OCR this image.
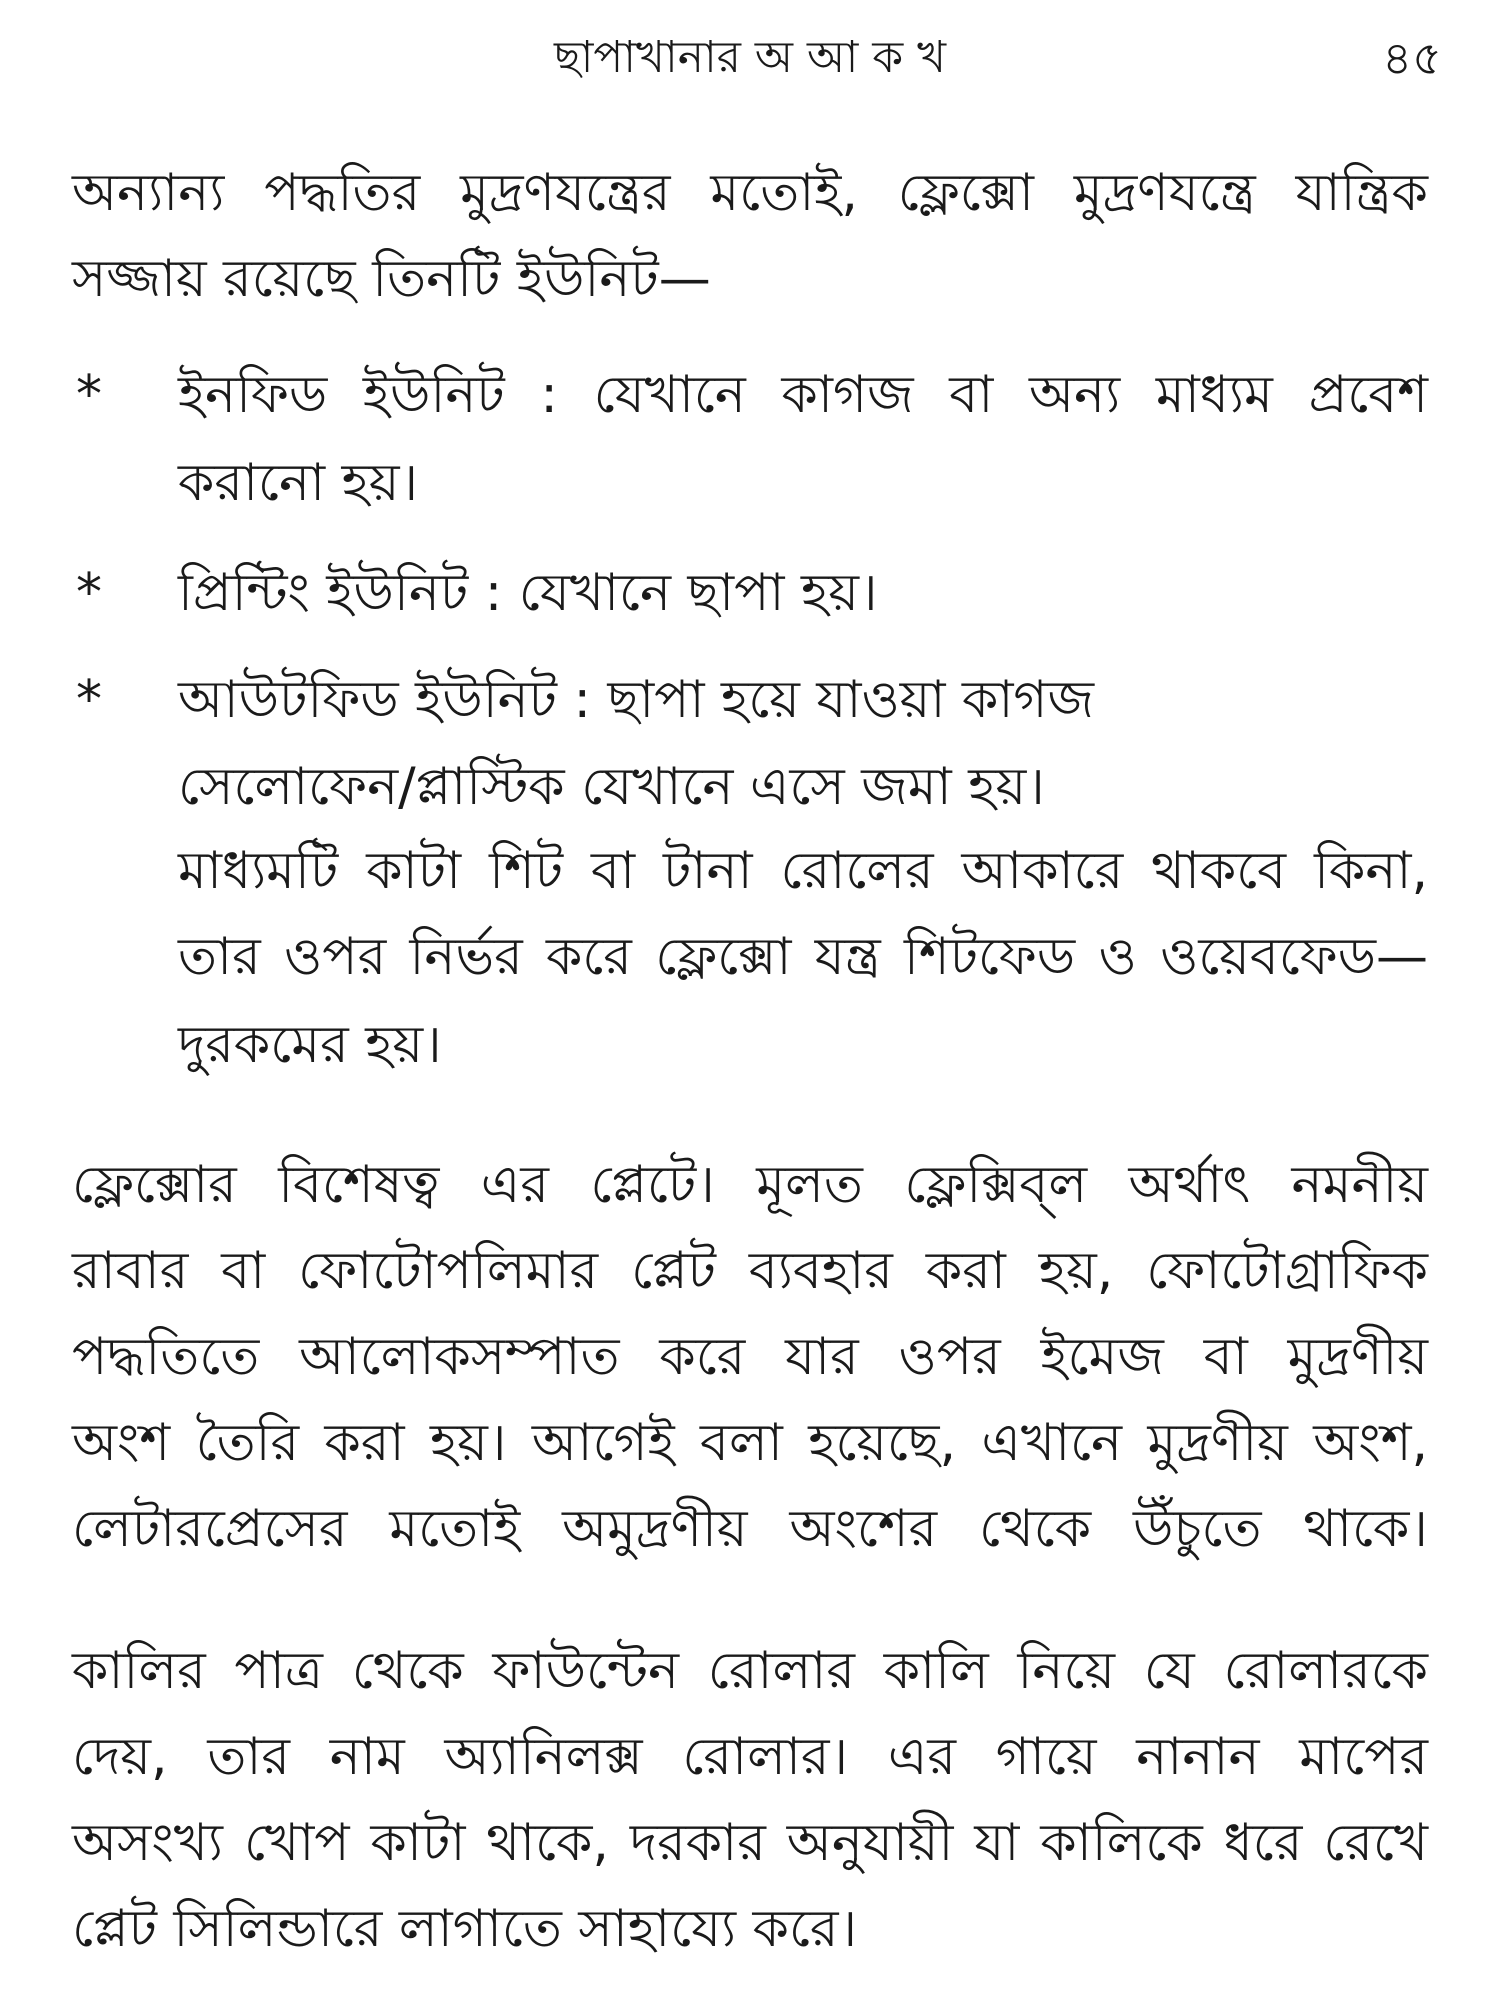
ছাপাখানার অ আ ক খ	৪৫
অন্যান্য পদ্ধতির মুদ্রণযন্ত্রের মতোই, ফ্লেক্সো মুদ্রণযন্ত্রে যান্ত্রিক
সজ্জায় রয়েছে তিনটি ইউনিট—
* ইনফিড ইউনিট : যেখানে কাগজ বা অন্য মাধ্যম প্রবেশ
করানো হয়।
* প্রিন্টিং ইউনিট : যেখানে ছাপা হয়।
* আউটফিড ইউনিট : ছাপা হয়ে যাওয়া কাগজ
সেলোফেন/প্লাস্টিক যেখানে এসে জমা হয়।
মাধ্যমটি কাটা শিট বা টানা রোলের আকারে থাকবে কিনা,
তার ওপর নির্ভর করে ফ্লেক্সো যন্ত্র শিটফেড ও ওয়েবফেড—
দুরকমের হয়।
ফ্লেক্সোর বিশেষত্ব এর প্লেটে। মূলত ফ্লেক্সিব্‌ল অর্থাৎ নমনীয়
রাবার বা ফোটোপলিমার প্লেট ব্যবহার করা হয়, ফোটোগ্রাফিক
পদ্ধতিতে আলোকসম্পাত করে যার ওপর ইমেজ বা মুদ্রণীয়
অংশ তৈরি করা হয়। আগেই বলা হয়েছে, এখানে মুদ্রণীয় অংশ,
লেটারপ্রেসের মতোই অমুদ্রণীয় অংশের থেকে উঁচুতে থাকে।
কালির পাত্র থেকে ফাউন্টেন রোলার কালি নিয়ে যে রোলারকে
দেয়, তার নাম অ্যানিলক্স রোলার। এর গায়ে নানান মাপের
অসংখ্য খোপ কাটা থাকে, দরকার অনুযায়ী যা কালিকে ধরে রেখে
প্লেট সিলিন্ডারে লাগাতে সাহায্যে করে।
